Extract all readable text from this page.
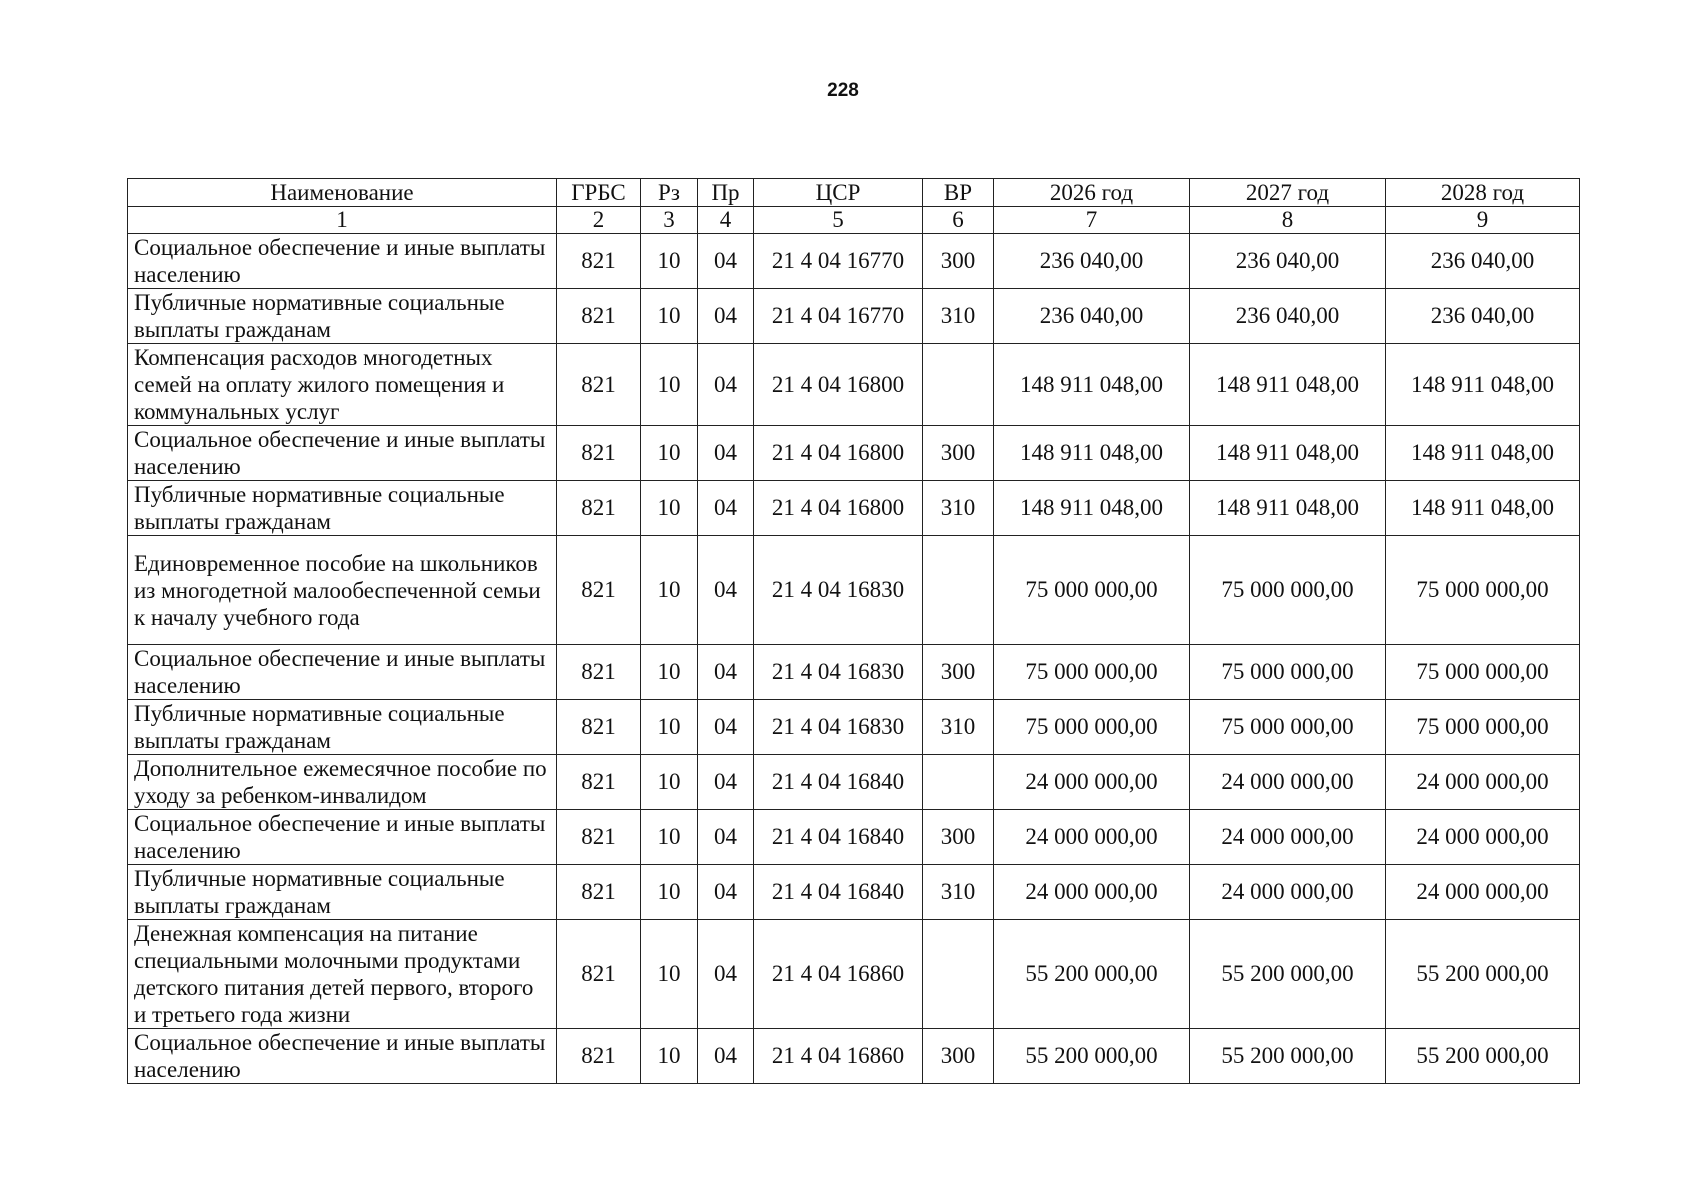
228
Наименование	ГРБС	Рз	Пр	ЦСР	ВР	2026 год	2027 год	2028 год
1	2	3	4	5	6	7	8	9
Социальное обеспечение и иные выплаты населению	821	10	04	21 4 04 16770	300	236 040,00	236 040,00	236 040,00
Публичные нормативные социальные выплаты гражданам	821	10	04	21 4 04 16770	310	236 040,00	236 040,00	236 040,00
Компенсация расходов многодетных семей на оплату жилого помещения и коммунальных услуг	821	10	04	21 4 04 16800		148 911 048,00	148 911 048,00	148 911 048,00
Социальное обеспечение и иные выплаты населению	821	10	04	21 4 04 16800	300	148 911 048,00	148 911 048,00	148 911 048,00
Публичные нормативные социальные выплаты гражданам	821	10	04	21 4 04 16800	310	148 911 048,00	148 911 048,00	148 911 048,00
Единовременное пособие на школьников из многодетной малообеспеченной семьи к началу учебного года	821	10	04	21 4 04 16830		75 000 000,00	75 000 000,00	75 000 000,00
Социальное обеспечение и иные выплаты населению	821	10	04	21 4 04 16830	300	75 000 000,00	75 000 000,00	75 000 000,00
Публичные нормативные социальные выплаты гражданам	821	10	04	21 4 04 16830	310	75 000 000,00	75 000 000,00	75 000 000,00
Дополнительное ежемесячное пособие по уходу за ребенком-инвалидом	821	10	04	21 4 04 16840		24 000 000,00	24 000 000,00	24 000 000,00
Социальное обеспечение и иные выплаты населению	821	10	04	21 4 04 16840	300	24 000 000,00	24 000 000,00	24 000 000,00
Публичные нормативные социальные выплаты гражданам	821	10	04	21 4 04 16840	310	24 000 000,00	24 000 000,00	24 000 000,00
Денежная компенсация на питание специальными молочными продуктами детского питания детей первого, второго и третьего года жизни	821	10	04	21 4 04 16860		55 200 000,00	55 200 000,00	55 200 000,00
Социальное обеспечение и иные выплаты населению	821	10	04	21 4 04 16860	300	55 200 000,00	55 200 000,00	55 200 000,00
